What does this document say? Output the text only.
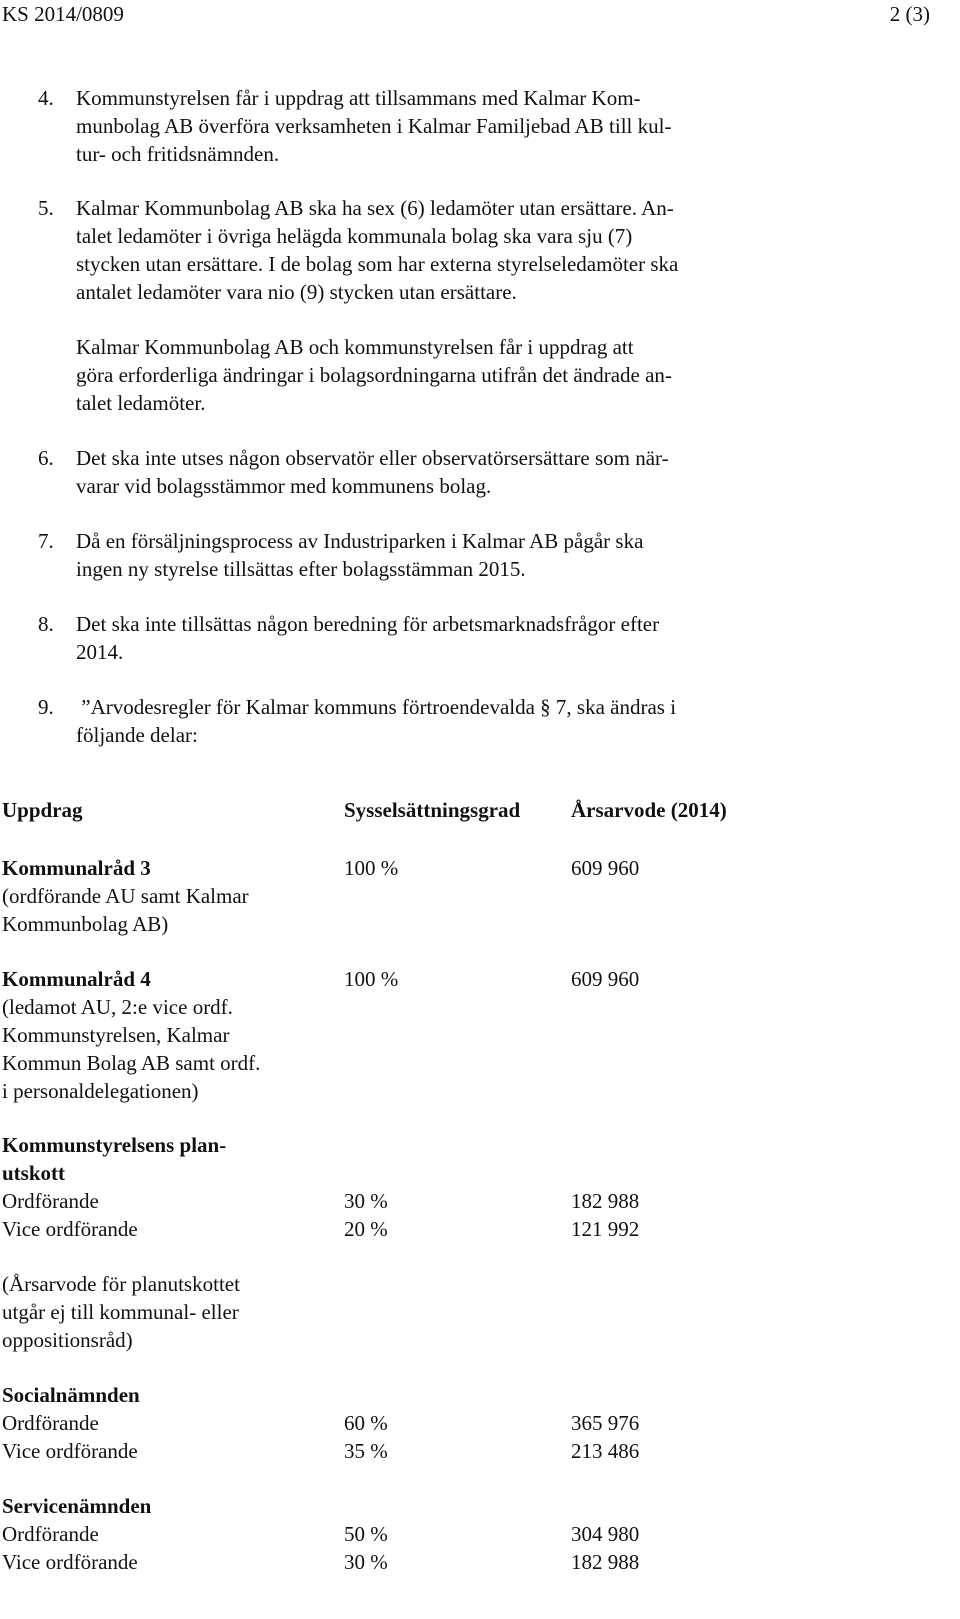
KS 2014/0809	2 (3)
4.	Kommunstyrelsen får i uppdrag att tillsammans med Kalmar Kom-
munbolag AB överföra verksamheten i Kalmar Familjebad AB till kul-
tur- och fritidsnämnden.
5.	Kalmar Kommunbolag AB ska ha sex (6) ledamöter utan ersättare. An-
talet ledamöter i övriga helägda kommunala bolag ska vara sju (7)
stycken utan ersättare. I de bolag som har externa styrelseledamöter ska
antalet ledamöter vara nio (9) stycken utan ersättare.
Kalmar Kommunbolag AB och kommunstyrelsen får i uppdrag att
göra erforderliga ändringar i bolagsordningarna utifrån det ändrade an-
talet ledamöter.
6.	Det ska inte utses någon observatör eller observatörsersättare som när-
varar vid bolagsstämmor med kommunens bolag.
7.	Då en försäljningsprocess av Industriparken i Kalmar AB pågår ska
ingen ny styrelse tillsättas efter bolagsstämman 2015.
8.	Det ska inte tillsättas någon beredning för arbetsmarknadsfrågor efter
2014.
9.	”Arvodesregler för Kalmar kommuns förtroendevalda § 7, ska ändras i
följande delar:
Uppdrag	Sysselsättningsgrad	Årsarvode (2014)
Kommunalråd 3	100 %	609 960
(ordförande AU samt Kalmar
Kommunbolag AB)
Kommunalråd 4	100 %	609 960
(ledamot AU, 2:e vice ordf.
Kommunstyrelsen, Kalmar
Kommun Bolag AB samt ordf.
i personaldelegationen)
Kommunstyrelsens plan-
utskott
Ordförande	30 %	182 988
Vice ordförande	20 %	121 992
(Årsarvode för planutskottet
utgår ej till kommunal- eller
oppositionsråd)
Socialnämnden
Ordförande	60 %	365 976
Vice ordförande	35 %	213 486
Servicenämnden
Ordförande	50 %	304 980
Vice ordförande	30 %	182 988
